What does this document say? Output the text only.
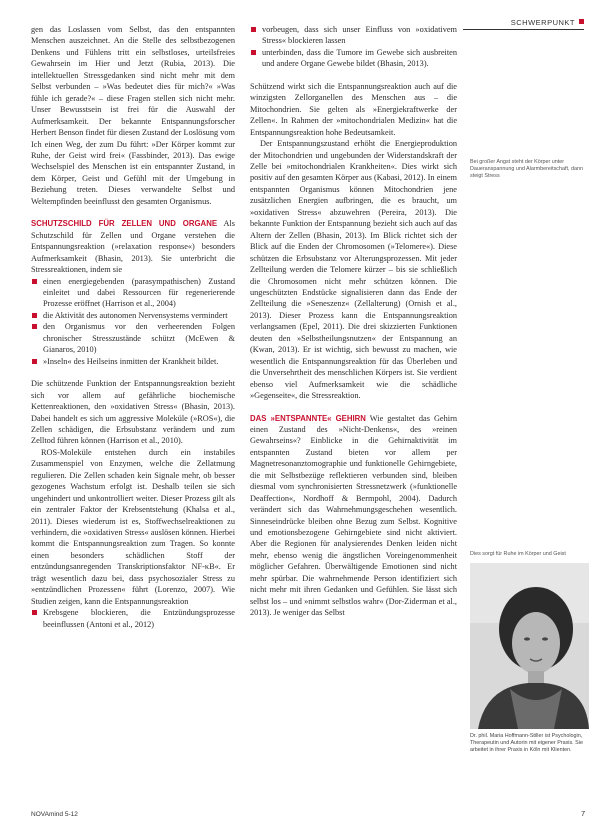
SCHWERPUNKT

gen das Loslassen vom Selbst, das den entspannten Menschen auszeichnet. An die Stelle des selbstbezogenen Denkens und Fühlens tritt ein selbstloses, urteilsfreies Gewahrsein im Hier und Jetzt (Rubia, 2013). Die intellektuellen Stressgedanken sind nicht mehr mit dem Selbst verbunden – »Was bedeutet dies für mich?« »Was fühle ich gerade?« – diese Fragen stellen sich nicht mehr. Unser Bewusstsein ist frei für die Auswahl der Aufmerksamkeit. Der bekannte Entspannungsforscher Herbert Benson findet für diesen Zustand der Loslösung vom Ich einen Weg, der zum Du führt: »Der Körper kommt zur Ruhe, der Geist wird frei« (Fassbinder, 2013). Das ewige Wechselspiel des Menschen ist ein entspannter Zustand, in dem Körper, Geist und Gefühl mit der Umgebung in Beziehung treten. Dieses verwandelte Selbst und Weltempfinden beeinflusst den gesamten Organismus.

SCHUTZSCHILD FÜR ZELLEN UND ORGANE Als Schutzschild für Zellen und Organe verstehen die Entspannungsreaktion (»relaxation response«) besonders Aufmerksamkeit (Bhasin, 2013). Sie unterbricht die Stressreaktionen, indem sie

einen energiegebenden (parasympathischen) Zustand einleitet und dabei Ressourcen für regenerierende Prozesse eröffnet (Harrison et al., 2004)
die Aktivität des autonomen Nervensystems vermindert
den Organismus vor den verheerenden Folgen chronischer Stresszustände schützt (McEwen & Gianaros, 2010)
»Inseln« des Heilseins inmitten der Krankheit bildet.

Die schützende Funktion der Entspannungsreaktion bezieht sich vor allem auf gefährliche biochemische Kettenreaktionen, den »oxidativen Stress« (Bhasin, 2013). Dabei handelt es sich um aggressive Moleküle (»ROS«), die Zellen schädigen, die Erbsubstanz verändern und zum Zelltod führen können (Harrison et al., 2010).

ROS-Moleküle entstehen durch ein instabiles Zusammenspiel von Enzymen, welche die Zellatmung regulieren. Die Zellen schaden kein Signale mehr, ob besser gezogenes Wachstum erfolgt ist. Deshalb teilen sie sich ungehindert und unkontrolliert weiter. Dieser Prozess gilt als ein zentraler Faktor der Krebsentstehung (Khalsa et al., 2011). Dieses wiederum ist es, Stoffwechselreaktionen zu verhindern, die »oxidativen Stress« auslösen können. Hierbei kommt die Entspannungsreaktion zum Tragen. So konnte einen besonders schädlichen Stoff der entzündungsanregenden Transkriptionsfaktor NF-κB«. Er trägt wesentlich dazu bei, dass psychosozialer Stress zu »entzündlichen Prozessen« führt (Lorenzo, 2007). Wie Studien zeigen, kann die Entspannungsreaktion

Krebsgene blockieren, die Entzündungsprozesse beeinflussen (Antoni et al., 2012)
vorbeugen, dass sich unser Einfluss von »oxidativem Stress« blockieren lassen
unterbinden, dass die Tumore im Gewebe sich ausbreiten und andere Organe Gewebe bildet (Bhasin, 2013).

Schützend wirkt sich die Entspannungsreaktion auch auf die winzigsten Zellorganellen des Menschen aus – die Mitochondrien. Sie gelten als »Energiekraftwerke der Zellen«. In Rahmen der »mitochondrialen Medizin« hat die Entspannungsreaktion hohe Bedeutsamkeit.

Der Entspannungszustand erhöht die Energieproduktion der Mitochondrien und ungebunden der Widerstandskraft der Zelle bei »mitochondrialen Krankheiten«. Dies wirkt sich positiv auf den gesamten Körper aus (Kabasi, 2012). In einem entspannten Organismus können Mitochondrien jene zusätzlichen Energien aufbringen, die es braucht, um »oxidativen Stress« abzuwehren (Pereira, 2013). Die bekannte Funktion der Entspannung bezieht sich auch auf das Altern der Zellen (Bhasin, 2013). Im Blick richtet sich der Blick auf die Enden der Chromosomen (»Telomere«). Diese schützen die Erbsubstanz vor Alterungsprozessen. Mit jeder Zellteilung werden die Telomere kürzer – bis sie schließlich die Chromosomen nicht mehr schützen können. Die ungeschützten Endstücke signalisieren dann das Ende der Zellteilung die »Seneszenz« (Zellalterung) (Ornish et al., 2013). Dieser Prozess kann die Entspannungsreaktion verlangsamen (Epel, 2011). Die drei skizzierten Funktionen deuten den »Selbstheilungsnutzen« der Entspannung an (Kwan, 2013). Er ist wichtig, sich bewusst zu machen, wie wesentlich die Entspannungsreaktion für das Überleben und die Unversehrtheit des menschlichen Körpers ist. Sie verdient ebenso viel Aufmerksamkeit wie die schädliche »Gegenseite«, die Stressreaktion.

DAS »ENTSPANNTE« GEHIRN Wie gestaltet das Gehirn einen Zustand des »Nicht-Denkens«, des »reinen Gewahrseins«? Einblicke in die Gehirnaktivität im entspannten Zustand bieten vor allem per Magnetresonanztomographie und funktionelle Gehirngebiete, die mit Selbstbezüge reflektieren verbunden sind, bleiben diesmal vom synchronisierten Stressnetzwerk (»funktionelle Deaffection«, Nordhoff & Bermpohl, 2004). Dadurch verändert sich das Wahrnehmungsgeschehen wesentlich. Sinneseindrücke bleiben ohne Bezug zum Selbst. Kognitive und emotionsbezogene Gehirngebiete sind nicht aktiviert. Aber die Regionen für analysierendes Denken leiden nicht mehr, ebenso wenig die ängstlichen Voreingenommenheit möglicher Gefahren. Überwältigende Emotionen sind nicht mehr spürbar. Die wahrnehmende Person identifiziert sich nicht mehr mit ihren Gedanken und Gefühlen. Sie lässt sich selbst los – und »nimmt selbstlos wahr« (Dor-Ziderman et al., 2013). Je weniger das Selbst

Bei großer Angst steht der Körper unter Daueranspannung und Alarmbereitschaft, dann steigt Stress
Dies sorgt für Ruhe im Körper und Geist
Dr. phil. Maria Hoffmann-Stiller ist Psychologin, Therapeutin und Autorin mit eigener Praxis. Sie arbeitet in ihrer Praxis in Köln mit Klienten.
NOVAmind 5-12	7
